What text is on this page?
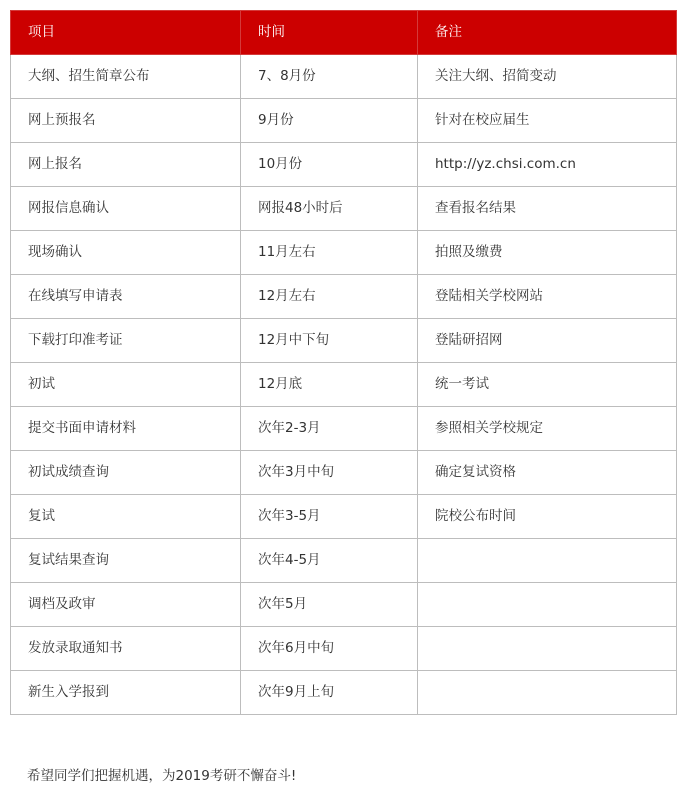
项目	时间	备注
大纲、招生简章公布	7、8月份	关注大纲、招简变动
网上预报名	9月份	针对在校应届生
网上报名	10月份	http://yz.chsi.com.cn
网报信息确认	网报48小时后	查看报名结果
现场确认	11月左右	拍照及缴费
在线填写申请表	12月左右	登陆相关学校网站
下载打印准考证	12月中下旬	登陆研招网
初试	12月底	统一考试
提交书面申请材料	次年2-3月	参照相关学校规定
初试成绩查询	次年3月中旬	确定复试资格
复试	次年3-5月	院校公布时间
复试结果查询	次年4-5月	
调档及政审	次年5月	
发放录取通知书	次年6月中旬	
新生入学报到	次年9月上旬	
希望同学们把握机遇，为2019考研不懈奋斗!
